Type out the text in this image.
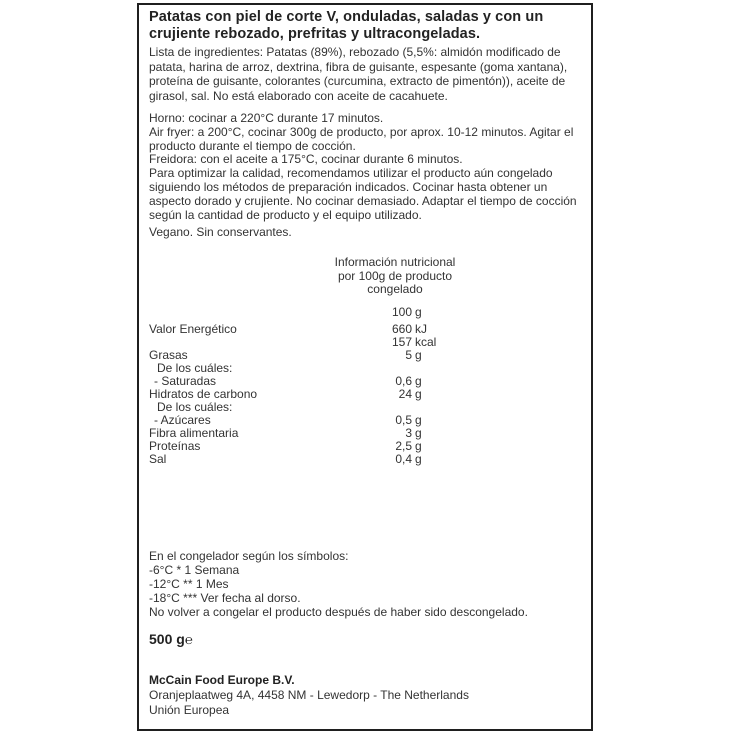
Patatas con piel de corte V, onduladas, saladas y con un crujiente rebozado, prefritas y ultracongeladas.
Lista de ingredientes: Patatas (89%), rebozado (5,5%: almidón modificado de patata, harina de arroz, dextrina, fibra de guisante, espesante (goma xantana), proteína de guisante, colorantes (curcumina, extracto de pimentón)), aceite de girasol, sal. No está elaborado con aceite de cacahuete.

Horno: cocinar a 220°C durante 17 minutos.

Air fryer: a 200°C, cocinar 300g de producto, por aprox. 10-12 minutos. Agitar el producto durante el tiempo de cocción.

Freidora: con el aceite a 175°C, cocinar durante 6 minutos.

Para optimizar la calidad, recomendamos utilizar el producto aún congelado siguiendo los métodos de preparación indicados. Cocinar hasta obtener un aspecto dorado y crujiente. No cocinar demasiado. Adaptar el tiempo de cocción según la cantidad de producto y el equipo utilizado.

Vegano. Sin conservantes.
Información nutricional
por 100g de producto
congelado
100 g
Valor Energético	660 kJ
157 kcal
Grasas	5 g
De los cuáles:
- Saturadas	0,6 g
Hidratos de carbono	24 g
De los cuáles:
- Azúcares	0,5 g
Fibra alimentaria	3 g
Proteínas	2,5 g
Sal	0,4 g
En el congelador según los símbolos:
-6°C * 1 Semana
-12°C ** 1 Mes
-18°C *** Ver fecha al dorso.
No volver a congelar el producto después de haber sido descongelado.
500 g℮
McCain Food Europe B.V.
Oranjeplaatweg 4A, 4458 NM - Lewedorp - The Netherlands
Unión Europea
